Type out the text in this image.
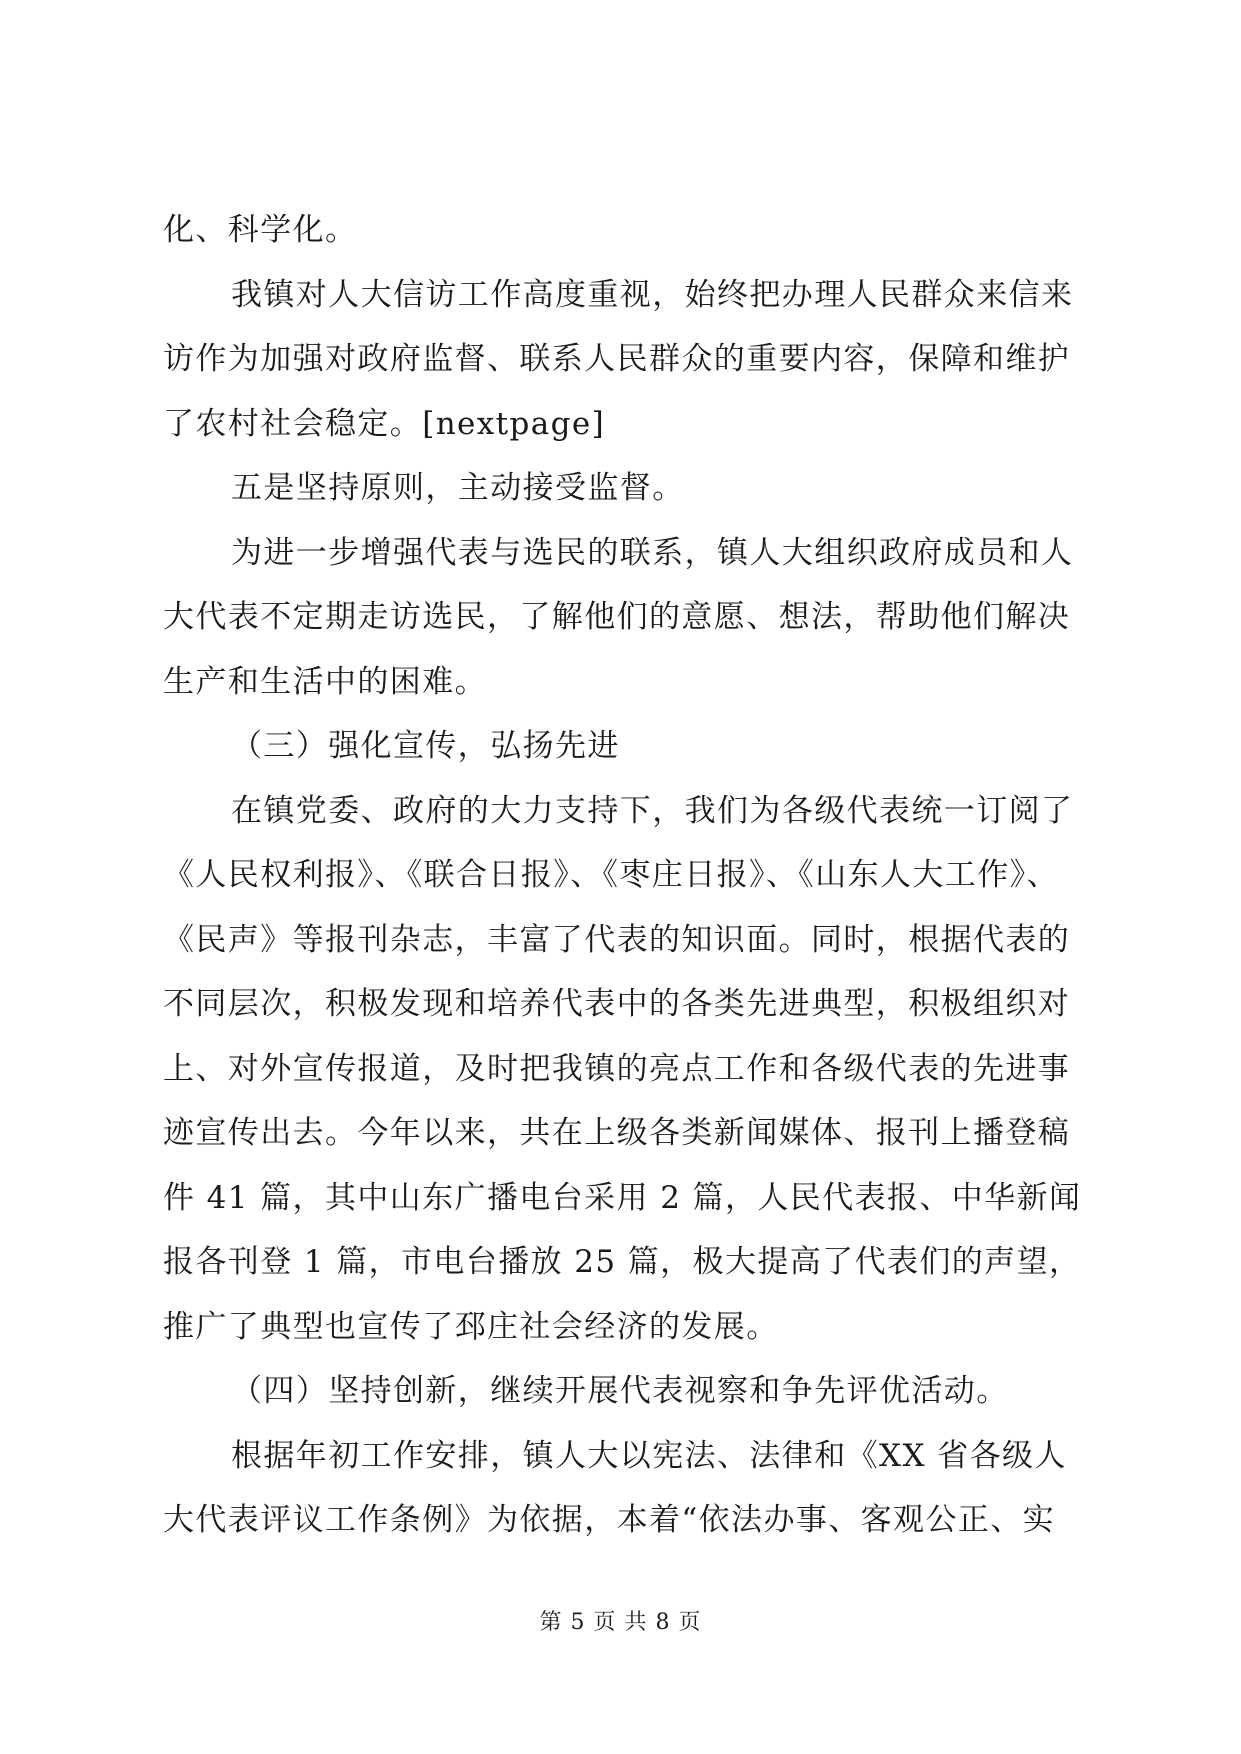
化、科学化。
我镇对人大信访工作高度重视，始终把办理人民群众来信来
访作为加强对政府监督、联系人民群众的重要内容，保障和维护
了农村社会稳定。[nextpage]
五是坚持原则，主动接受监督。
为进一步增强代表与选民的联系，镇人大组织政府成员和人
大代表不定期走访选民，了解他们的意愿、想法，帮助他们解决
生产和生活中的困难。
（三）强化宣传，弘扬先进
在镇党委、政府的大力支持下，我们为各级代表统一订阅了
《人民权利报》、《联合日报》、《枣庄日报》、《山东人大工作》、
《民声》等报刊杂志，丰富了代表的知识面。同时，根据代表的
不同层次，积极发现和培养代表中的各类先进典型，积极组织对
上、对外宣传报道，及时把我镇的亮点工作和各级代表的先进事
迹宣传出去。今年以来，共在上级各类新闻媒体、报刊上播登稿
件 41 篇，其中山东广播电台采用 2 篇，人民代表报、中华新闻
报各刊登 1 篇，市电台播放 25 篇，极大提高了代表们的声望，
推广了典型也宣传了邳庄社会经济的发展。
（四）坚持创新，继续开展代表视察和争先评优活动。
根据年初工作安排，镇人大以宪法、法律和《XX 省各级人
大代表评议工作条例》为依据，本着“依法办事、客观公正、实
第 5 页 共 8 页
